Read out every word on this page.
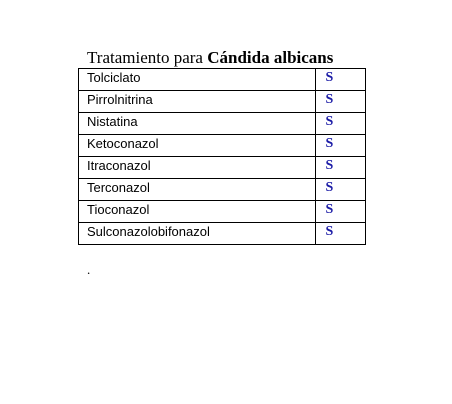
Tratamiento para Cándida albicans
Tolciclato	S
Pirrolnitrina	S
Nistatina	S
Ketoconazol	S
Itraconazol	S
Terconazol	S
Tioconazol	S
Sulconazolobifonazol	S
.
